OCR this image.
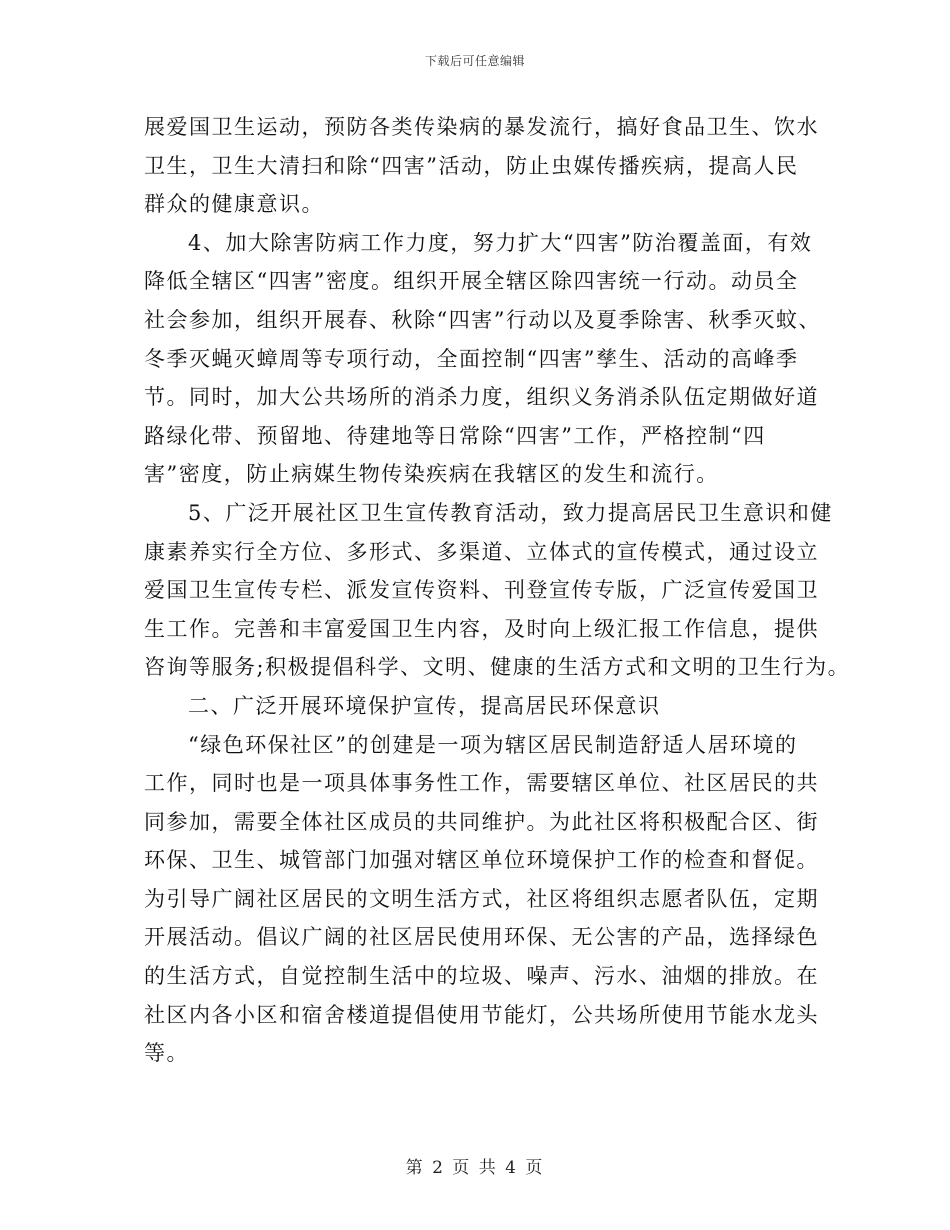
下载后可任意编辑
展爱国卫生运动，预防各类传染病的暴发流行，搞好食品卫生、饮水
卫生，卫生大清扫和除“四害”活动，防止虫媒传播疾病，提高人民
群众的健康意识。
4、加大除害防病工作力度，努力扩大“四害”防治覆盖面，有效
降低全辖区“四害”密度。组织开展全辖区除四害统一行动。动员全
社会参加，组织开展春、秋除“四害”行动以及夏季除害、秋季灭蚊、
冬季灭蝇灭蟑周等专项行动，全面控制“四害”孳生、活动的高峰季
节。同时，加大公共场所的消杀力度，组织义务消杀队伍定期做好道
路绿化带、预留地、待建地等日常除“四害”工作，严格控制“四
害”密度，防止病媒生物传染疾病在我辖区的发生和流行。
5、广泛开展社区卫生宣传教育活动，致力提高居民卫生意识和健
康素养实行全方位、多形式、多渠道、立体式的宣传模式，通过设立
爱国卫生宣传专栏、派发宣传资料、刊登宣传专版，广泛宣传爱国卫
生工作。完善和丰富爱国卫生内容，及时向上级汇报工作信息，提供
咨询等服务;积极提倡科学、文明、健康的生活方式和文明的卫生行为。
二、广泛开展环境保护宣传，提高居民环保意识
“绿色环保社区”的创建是一项为辖区居民制造舒适人居环境的
工作，同时也是一项具体事务性工作，需要辖区单位、社区居民的共
同参加，需要全体社区成员的共同维护。为此社区将积极配合区、街
环保、卫生、城管部门加强对辖区单位环境保护工作的检查和督促。
为引导广阔社区居民的文明生活方式，社区将组织志愿者队伍，定期
开展活动。倡议广阔的社区居民使用环保、无公害的产品，选择绿色
的生活方式，自觉控制生活中的垃圾、噪声、污水、油烟的排放。在
社区内各小区和宿舍楼道提倡使用节能灯，公共场所使用节能水龙头
等。
第 2 页 共 4 页
